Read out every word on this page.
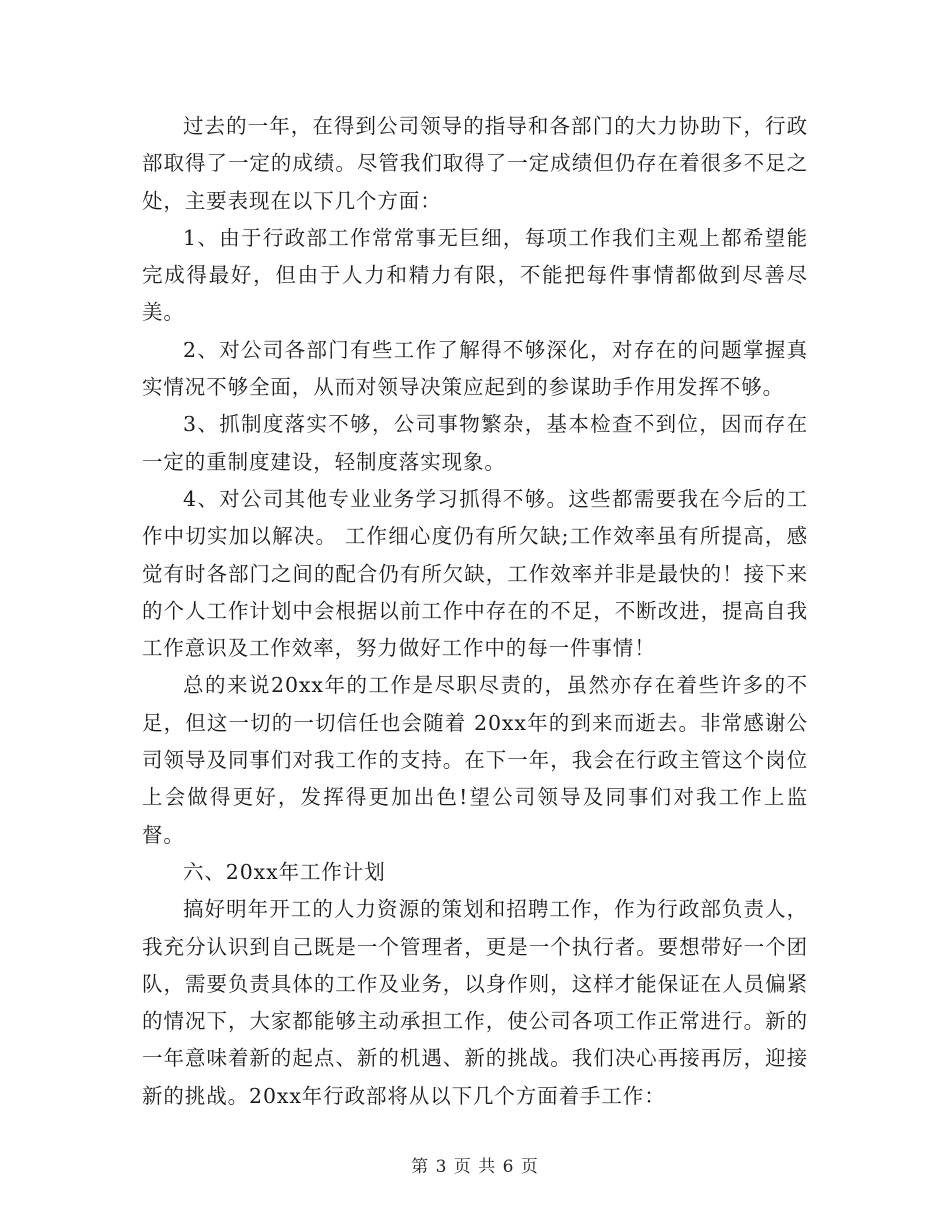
过去的一年，在得到公司领导的指导和各部门的大力协助下，行政部取得了一定的成绩。尽管我们取得了一定成绩但仍存在着很多不足之处，主要表现在以下几个方面：

1、由于行政部工作常常事无巨细，每项工作我们主观上都希望能完成得最好，但由于人力和精力有限，不能把每件事情都做到尽善尽美。

2、对公司各部门有些工作了解得不够深化，对存在的问题掌握真实情况不够全面，从而对领导决策应起到的参谋助手作用发挥不够。

3、抓制度落实不够，公司事物繁杂，基本检查不到位，因而存在一定的重制度建设，轻制度落实现象。

4、对公司其他专业业务学习抓得不够。这些都需要我在今后的工作中切实加以解决。 工作细心度仍有所欠缺;工作效率虽有所提高，感觉有时各部门之间的配合仍有所欠缺，工作效率并非是最快的！接下来的个人工作计划中会根据以前工作中存在的不足，不断改进，提高自我工作意识及工作效率，努力做好工作中的每一件事情！

总的来说20xx年的工作是尽职尽责的，虽然亦存在着些许多的不足，但这一切的一切信任也会随着 20xx年的到来而逝去。非常感谢公司领导及同事们对我工作的支持。在下一年，我会在行政主管这个岗位上会做得更好，发挥得更加出色!望公司领导及同事们对我工作上监督。

六、20xx年工作计划

搞好明年开工的人力资源的策划和招聘工作，作为行政部负责人，我充分认识到自己既是一个管理者，更是一个执行者。要想带好一个团队，需要负责具体的工作及业务，以身作则，这样才能保证在人员偏紧的情况下，大家都能够主动承担工作，使公司各项工作正常进行。新的一年意味着新的起点、新的机遇、新的挑战。我们决心再接再厉，迎接新的挑战。20xx年行政部将从以下几个方面着手工作：

第 3 页 共 6 页
